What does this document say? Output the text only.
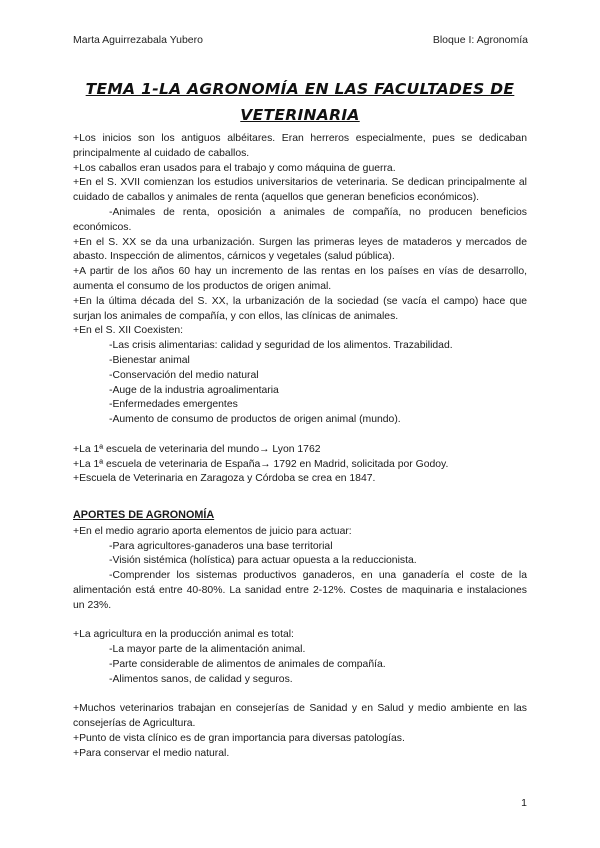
Marta Aguirrezabala Yubero	Bloque I: Agronomía
TEMA 1-LA AGRONOMÍA EN LAS FACULTADES DE VETERINARIA

+Los inicios son los antiguos albéitares. Eran herreros especialmente, pues se dedicaban principalmente al cuidado de caballos.

+Los caballos eran usados para el trabajo y como máquina de guerra.

+En el S. XVII comienzan los estudios universitarios de veterinaria. Se dedican principalmente al cuidado de caballos y animales de renta (aquellos que generan beneficios económicos).

-Animales de renta, oposición a animales de compañía, no producen beneficios económicos.

+En el S. XX se da una urbanización. Surgen las primeras leyes de mataderos y mercados de abasto. Inspección de alimentos, cárnicos y vegetales (salud pública).

+A partir de los años 60 hay un incremento de las rentas en los países en vías de desarrollo, aumenta el consumo de los productos de origen animal.

+En la última década del S. XX, la urbanización de la sociedad (se vacía el campo) hace que surjan los animales de compañía, y con ellos, las clínicas de animales.

+En el S. XII Coexisten:

-Las crisis alimentarias: calidad y seguridad de los alimentos. Trazabilidad.

-Bienestar animal

-Conservación del medio natural

-Auge de la industria agroalimentaria

-Enfermedades emergentes

-Aumento de consumo de productos de origen animal (mundo).

+La 1ª escuela de veterinaria del mundo→ Lyon 1762

+La 1ª escuela de veterinaria de España→ 1792 en Madrid, solicitada por Godoy.

+Escuela de Veterinaria en Zaragoza y Córdoba se crea en 1847.

APORTES DE AGRONOMÍA

+En el medio agrario aporta elementos de juicio para actuar:

-Para agricultores-ganaderos una base territorial

-Visión sistémica (holística) para actuar opuesta a la reduccionista.

-Comprender los sistemas productivos ganaderos, en una ganadería el coste de la alimentación está entre 40-80%. La sanidad entre 2-12%. Costes de maquinaria e instalaciones un 23%.

+La agricultura en la producción animal es total:

-La mayor parte de la alimentación animal.

-Parte considerable de alimentos de animales de compañía.

-Alimentos sanos, de calidad y seguros.

+Muchos veterinarios trabajan en consejerías de Sanidad y en Salud y medio ambiente en las consejerías de Agricultura.

+Punto de vista clínico es de gran importancia para diversas patologías.

+Para conservar el medio natural.

1
